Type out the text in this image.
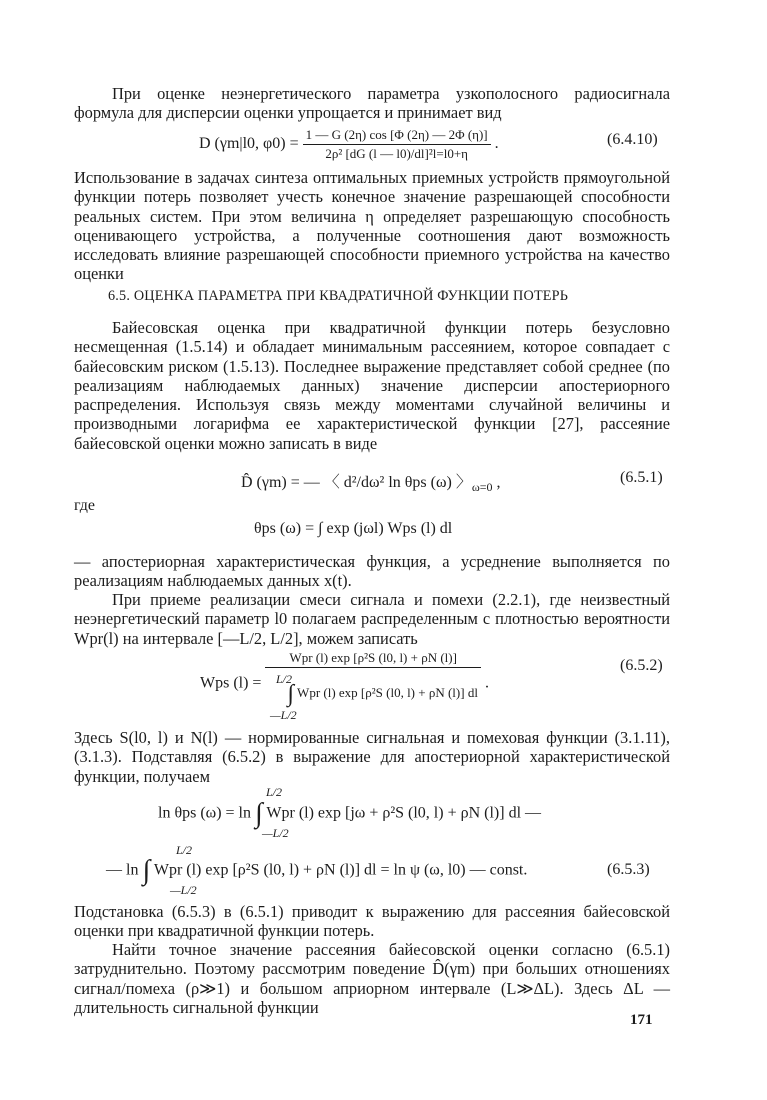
При оценке неэнергетического параметра узкополосного радиосигнала формула для дисперсии оценки упрощается и принимает вид
D (γm|l0, $\varphi 0) = \frac{1 — G (2\eta) \cos [\Phi (2\eta) — 2\Phi (\eta)]}{\text{2ρ² [dG (l — l0)/dl]²l=l0+η}}$ .	(6.4.10)
Использование в задачах синтеза оптимальных приемных устройств прямоугольной функции потерь позволяет учесть конечное значение разрешающей способности реальных систем. При этом величина η определяет разрешающую способность оценивающего устройства, а полученные соотношения дают возможность исследовать влияние разрешающей способности приемного устройства на качество оценки
6.5. ОЦЕНКА ПАРАМЕТРА ПРИ КВАДРАТИЧНОЙ ФУНКЦИИ ПОТЕРЬ
Байесовская оценка при квадратичной функции потерь безусловно несмещенная (1.5.14) и обладает минимальным рассеянием, которое совпадает с байесовским риском (1.5.13). Последнее выражение представляет собой среднее (по реализациям наблюдаемых данных) значение дисперсии апостериорного распределения. Используя связь между моментами случайной величины и производными логарифма ее характеристической функции [27], рассеяние байесовской оценки можно записать в виде
D̂ (γm) = — 〈 d²/dω² ln θps (ω) 〉$_{\omega=0}$ ,	(6.5.1)
где
θps (ω) = ∫ exp (jωl) Wps (l) dl
— апостериорная характеристическая функция, а усреднение выполняется по реализациям наблюдаемых данных x(t).
При приеме реализации смеси сигнала и помехи (2.2.1), где неизвестный неэнергетический параметр l0 полагаем распределенным с плотностью вероятности Wpr(l) на интервале [—L/2, L/2], можем записать
Wps $(l) = \frac{\text{Wpr (l) exp [ρ²S (l0, l) + ρN (l)]}}{\text{∫ Wpr (l) exp [ρ²S (l0, l) + ρN (l)] dl}}$ .
L/2
—L/2
(6.5.2)
Здесь S(l0, l) и N(l) — нормированные сигнальная и помеховая функции (3.1.11), (3.1.3). Подставляя (6.5.2) в выражение для апостериорной характеристической функции, получаем
L/2
ln θps (ω) = ln ∫ Wpr (l) exp [jω + ρ²S (l0, l) + ρN (l)] dl —
—L/2
L/2
— ln ∫ Wpr (l) exp [ρ²S (l0, l) + ρN (l)] dl = ln ψ (ω, l0) — const.
—L/2
(6.5.3)
Подстановка (6.5.3) в (6.5.1) приводит к выражению для рассеяния байесовской оценки при квадратичной функции потерь.
Найти точное значение рассеяния байесовской оценки согласно (6.5.1) затруднительно. Поэтому рассмотрим поведение D̂(γm) при больших отношениях сигнал/помеха (ρ≫1) и большом априорном интервале (L≫ΔL). Здесь ΔL — длительность сигнальной функции
171
